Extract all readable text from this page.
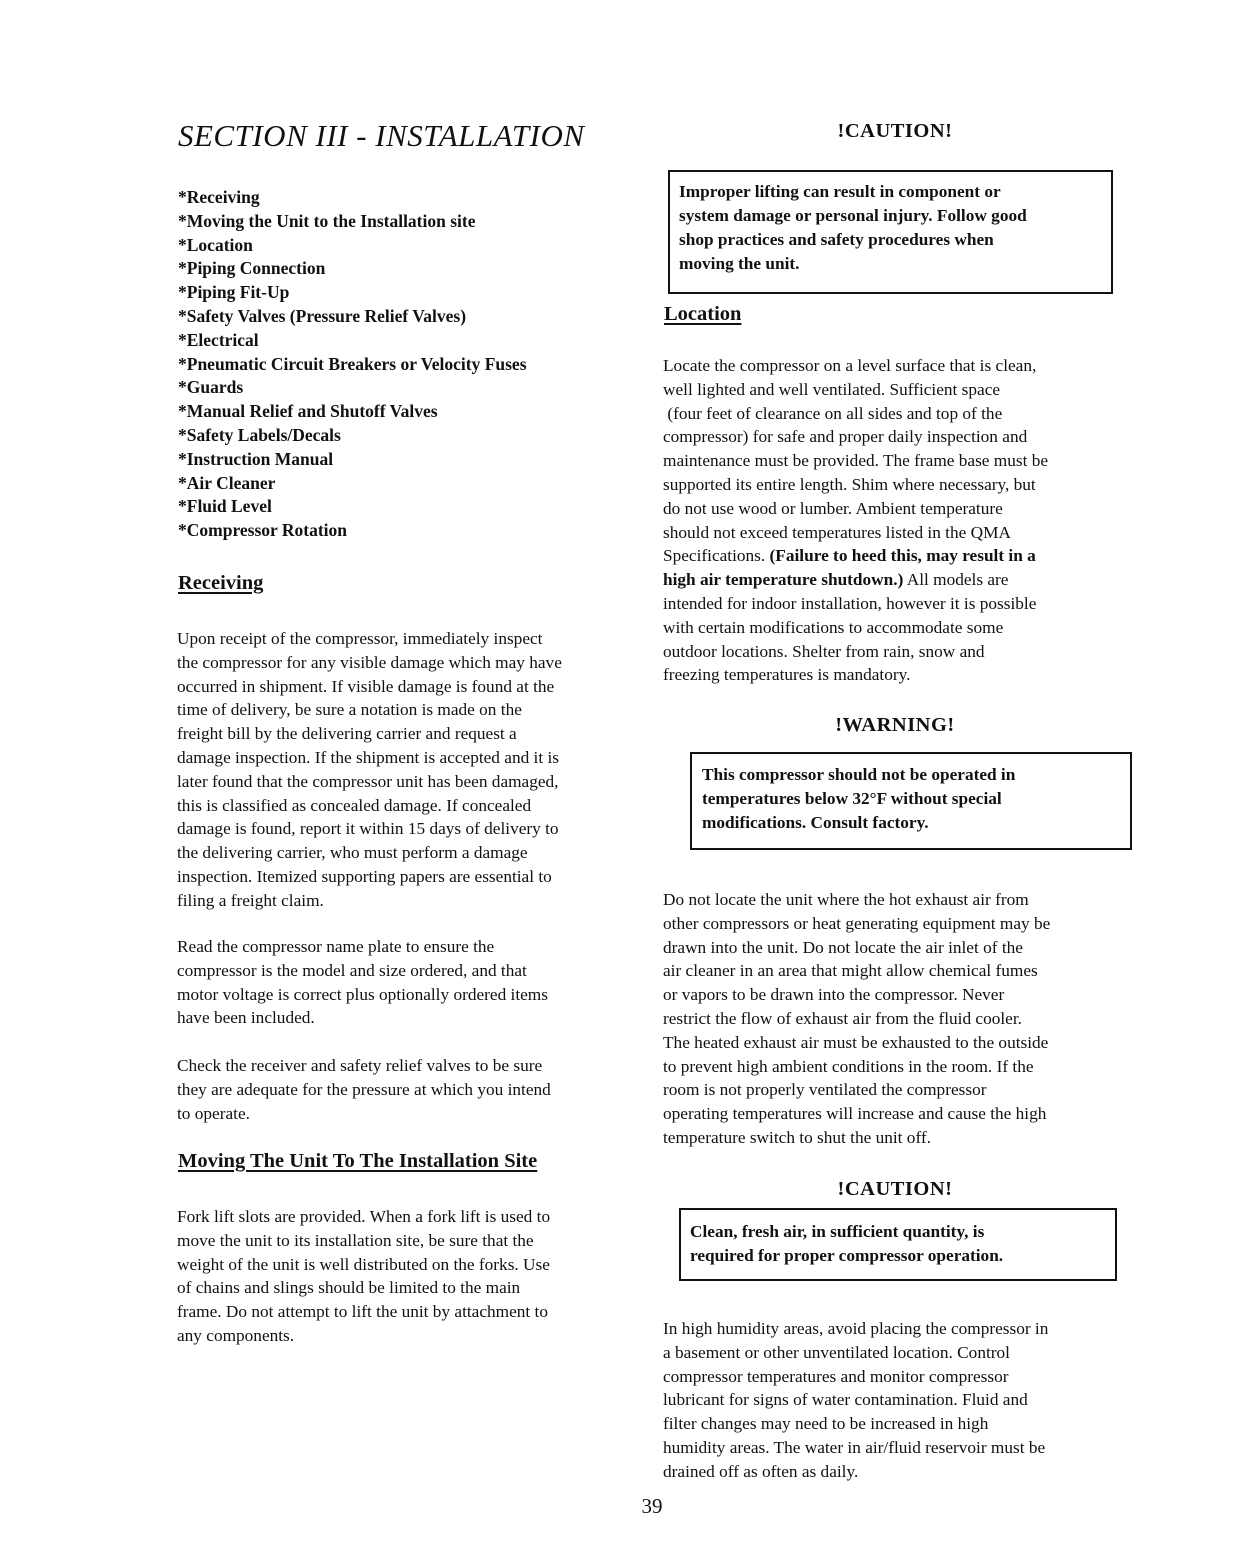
SECTION III - INSTALLATION
*Receiving
*Moving the Unit to the Installation site
*Location
*Piping Connection
*Piping Fit-Up
*Safety Valves (Pressure Relief Valves)
*Electrical
*Pneumatic Circuit Breakers or Velocity Fuses
*Guards
*Manual Relief and Shutoff Valves
*Safety Labels/Decals
*Instruction Manual
*Air Cleaner
*Fluid Level
*Compressor Rotation
Receiving

Upon receipt of the compressor, immediately inspect
the compressor for any visible damage which may have
occurred in shipment. If visible damage is found at the
time of delivery, be sure a notation is made on the
freight bill by the delivering carrier and request a
damage inspection. If the shipment is accepted and it is
later found that the compressor unit has been damaged,
this is classified as concealed damage. If concealed
damage is found, report it within 15 days of delivery to
the delivering carrier, who must perform a damage
inspection. Itemized supporting papers are essential to
filing a freight claim.

Read the compressor name plate to ensure the
compressor is the model and size ordered, and that
motor voltage is correct plus optionally ordered items
have been included.

Check the receiver and safety relief valves to be sure
they are adequate for the pressure at which you intend
to operate.

Moving The Unit To The Installation Site

Fork lift slots are provided. When a fork lift is used to
move the unit to its installation site, be sure that the
weight of the unit is well distributed on the forks. Use
of chains and slings should be limited to the main
frame. Do not attempt to lift the unit by attachment to
any components.

!CAUTION!
Improper lifting can result in component or
system damage or personal injury. Follow good
shop practices and safety procedures when
moving the unit.
Location

Locate the compressor on a level surface that is clean,
well lighted and well ventilated. Sufficient space
(four feet of clearance on all sides and top of the
compressor) for safe and proper daily inspection and
maintenance must be provided. The frame base must be
supported its entire length. Shim where necessary, but
do not use wood or lumber. Ambient temperature
should not exceed temperatures listed in the QMA
Specifications. (Failure to heed this, may result in a
high air temperature shutdown.) All models are
intended for indoor installation, however it is possible
with certain modifications to accommodate some
outdoor locations. Shelter from rain, snow and
freezing temperatures is mandatory.

!WARNING!
This compressor should not be operated in
temperatures below 32°F without special
modifications. Consult factory.

Do not locate the unit where the hot exhaust air from
other compressors or heat generating equipment may be
drawn into the unit. Do not locate the air inlet of the
air cleaner in an area that might allow chemical fumes
or vapors to be drawn into the compressor. Never
restrict the flow of exhaust air from the fluid cooler.
The heated exhaust air must be exhausted to the outside
to prevent high ambient conditions in the room. If the
room is not properly ventilated the compressor
operating temperatures will increase and cause the high
temperature switch to shut the unit off.

!CAUTION!
Clean, fresh air, in sufficient quantity, is
required for proper compressor operation.

In high humidity areas, avoid placing the compressor in
a basement or other unventilated location. Control
compressor temperatures and monitor compressor
lubricant for signs of water contamination. Fluid and
filter changes may need to be increased in high
humidity areas. The water in air/fluid reservoir must be
drained off as often as daily.

39
